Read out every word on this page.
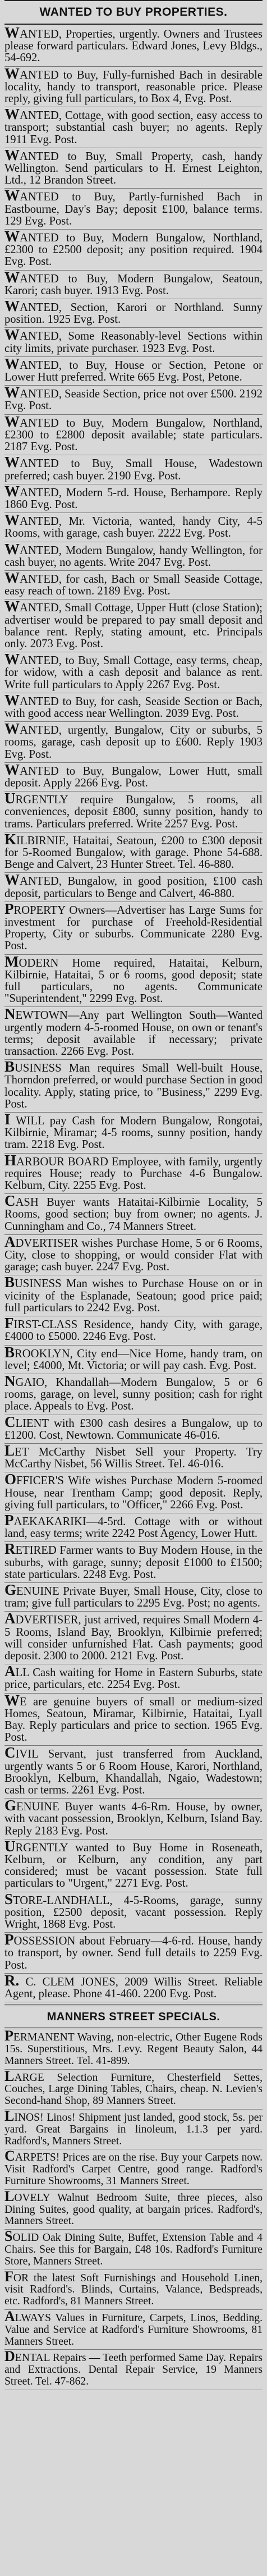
WANTED TO BUY PROPERTIES.
WANTED, Properties, urgently. Owners and Trustees please forward particulars. Edward Jones, Levy Bldgs., 54-692.
WANTED to Buy, Fully-furnished Bach in desirable locality, handy to transport, reasonable price. Please reply, giving full particulars, to Box 4, Evg. Post.
WANTED, Cottage, with good section, easy access to transport; substantial cash buyer; no agents. Reply 1911 Evg. Post.
WANTED to Buy, Small Property, cash, handy Wellington. Send particulars to H. Ernest Leighton, Ltd., 12 Brandon Street.
WANTED to Buy, Partly-furnished Bach in Eastbourne, Day's Bay; deposit £100, balance terms. 129 Evg. Post.
WANTED to Buy, Modern Bungalow, Northland, £2300 to £2500 deposit; any position required. 1904 Evg. Post.
WANTED to Buy, Modern Bungalow, Seatoun, Karori; cash buyer. 1913 Evg. Post.
WANTED, Section, Karori or Northland. Sunny position. 1925 Evg. Post.
WANTED, Some Reasonably-level Sections within city limits, private purchaser. 1923 Evg. Post.
WANTED, to Buy, House or Section, Petone or Lower Hutt preferred. Write 665 Evg. Post, Petone.
WANTED, Seaside Section, price not over £500. 2192 Evg. Post.
WANTED to Buy, Modern Bungalow, Northland, £2300 to £2800 deposit available; state particulars. 2187 Evg. Post.
WANTED to Buy, Small House, Wadestown preferred; cash buyer. 2190 Evg. Post.
WANTED, Modern 5-rd. House, Berhampore. Reply 1860 Evg. Post.
WANTED, Mr. Victoria, wanted, handy City, 4-5 Rooms, with garage, cash buyer. 2222 Evg. Post.
WANTED, Modern Bungalow, handy Wellington, for cash buyer, no agents. Write 2047 Evg. Post.
WANTED, for cash, Bach or Small Seaside Cottage, easy reach of town. 2189 Evg. Post.
WANTED, Small Cottage, Upper Hutt (close Station); advertiser would be prepared to pay small deposit and balance rent. Reply, stating amount, etc. Principals only. 2073 Evg. Post.
WANTED, to Buy, Small Cottage, easy terms, cheap, for widow, with a cash deposit and balance as rent. Write full particulars to Apply 2267 Evg. Post.
WANTED to Buy, for cash, Seaside Section or Bach, with good access near Wellington. 2039 Evg. Post.
WANTED, urgently, Bungalow, City or suburbs, 5 rooms, garage, cash deposit up to £600. Reply 1903 Evg. Post.
WANTED to Buy, Bungalow, Lower Hutt, small deposit. Apply 2266 Evg. Post.
URGENTLY require Bungalow, 5 rooms, all conveniences, deposit £800, sunny position, handy to trams. Particulars preferred. Write 2257 Evg. Post.
KILBIRNIE, Hataitai, Seatoun, £200 to £300 deposit for 5-Roomed Bungalow, with garage. Phone 54-688. Benge and Calvert, 23 Hunter Street. Tel. 46-880.
WANTED, Bungalow, in good position, £100 cash deposit, particulars to Benge and Calvert, 46-880.
PROPERTY Owners—Advertiser has Large Sums for investment for purchase of Freehold-Residential Property, City or suburbs. Communicate 2280 Evg. Post.
MODERN Home required, Hataitai, Kelburn, Kilbirnie, Hataitai, 5 or 6 rooms, good deposit; state full particulars, no agents. Communicate "Superintendent," 2299 Evg. Post.
NEWTOWN—Any part Wellington South—Wanted urgently modern 4-5-roomed House, on own or tenant's terms; deposit available if necessary; private transaction. 2266 Evg. Post.
BUSINESS Man requires Small Well-built House, Thorndon preferred, or would purchase Section in good locality. Apply, stating price, to "Business," 2299 Evg. Post.
I WILL pay Cash for Modern Bungalow, Rongotai, Kilbirnie, Miramar; 4-5 rooms, sunny position, handy tram. 2218 Evg. Post.
HARBOUR BOARD Employee, with family, urgently requires House; ready to Purchase 4-6 Bungalow. Kelburn, City. 2255 Evg. Post.
CASH Buyer wants Hataitai-Kilbirnie Locality, 5 Rooms, good section; buy from owner; no agents. J. Cunningham and Co., 74 Manners Street.
ADVERTISER wishes Purchase Home, 5 or 6 Rooms, City, close to shopping, or would consider Flat with garage; cash buyer. 2247 Evg. Post.
BUSINESS Man wishes to Purchase House on or in vicinity of the Esplanade, Seatoun; good price paid; full particulars to 2242 Evg. Post.
FIRST-CLASS Residence, handy City, with garage, £4000 to £5000. 2246 Evg. Post.
BROOKLYN, City end—Nice Home, handy tram, on level; £4000, Mt. Victoria; or will pay cash. Evg. Post.
NGAIO, Khandallah—Modern Bungalow, 5 or 6 rooms, garage, on level, sunny position; cash for right place. Appeals to Evg. Post.
CLIENT with £300 cash desires a Bungalow, up to £1200. Cost, Newtown. Communicate 46-016.
LET McCarthy Nisbet Sell your Property. Try McCarthy Nisbet, 56 Willis Street. Tel. 46-016.
OFFICER'S Wife wishes Purchase Modern 5-roomed House, near Trentham Camp; good deposit. Reply, giving full particulars, to "Officer," 2266 Evg. Post.
PAEKAKARIKI—4-5rd. Cottage with or without land, easy terms; write 2242 Post Agency, Lower Hutt.
RETIRED Farmer wants to Buy Modern House, in the suburbs, with garage, sunny; deposit £1000 to £1500; state particulars. 2248 Evg. Post.
GENUINE Private Buyer, Small House, City, close to tram; give full particulars to 2295 Evg. Post; no agents.
ADVERTISER, just arrived, requires Small Modern 4-5 Rooms, Island Bay, Brooklyn, Kilbirnie preferred; will consider unfurnished Flat. Cash payments; good deposit. 2300 to 2000. 2121 Evg. Post.
ALL Cash waiting for Home in Eastern Suburbs, state price, particulars, etc. 2254 Evg. Post.
WE are genuine buyers of small or medium-sized Homes, Seatoun, Miramar, Kilbirnie, Hataitai, Lyall Bay. Reply particulars and price to section. 1965 Evg. Post.
CIVIL Servant, just transferred from Auckland, urgently wants 5 or 6 Room House, Karori, Northland, Brooklyn, Kelburn, Khandallah, Ngaio, Wadestown; cash or terms. 2261 Evg. Post.
GENUINE Buyer wants 4-6-Rm. House, by owner, with vacant possession, Brooklyn, Kelburn, Island Bay. Reply 2183 Evg. Post.
URGENTLY wanted to Buy Home in Roseneath, Kelburn, or Kelburn, any condition, any part considered; must be vacant possession. State full particulars to "Urgent," 2271 Evg. Post.
STORE-LANDHALL, 4-5-Rooms, garage, sunny position, £2500 deposit, vacant possession. Reply Wright, 1868 Evg. Post.
POSSESSION about February—4-6-rd. House, handy to transport, by owner. Send full details to 2259 Evg. Post.
R. C. CLEM JONES, 2009 Willis Street. Reliable Agent, please. Phone 41-460. 2200 Evg. Post.
MANNERS STREET SPECIALS.
PERMANENT Waving, non-electric, Other Eugene Rods 15s. Superstitious, Mrs. Levy. Regent Beauty Salon, 44 Manners Street. Tel. 41-899.
LARGE Selection Furniture, Chesterfield Settes, Couches, Large Dining Tables, Chairs, cheap. N. Levien's Second-hand Shop, 89 Manners Street.
LINOS! Linos! Shipment just landed, good stock, 5s. per yard. Great Bargains in linoleum, 1.1.3 per yard. Radford's, Manners Street.
CARPETS! Prices are on the rise. Buy your Carpets now. Visit Radford's Carpet Centre, good range. Radford's Furniture Showrooms, 31 Manners Street.
LOVELY Walnut Bedroom Suite, three pieces, also Dining Suites, good quality, at bargain prices. Radford's, Manners Street.
SOLID Oak Dining Suite, Buffet, Extension Table and 4 Chairs. See this for Bargain, £48 10s. Radford's Furniture Store, Manners Street.
FOR the latest Soft Furnishings and Household Linen, visit Radford's. Blinds, Curtains, Valance, Bedspreads, etc. Radford's, 81 Manners Street.
ALWAYS Values in Furniture, Carpets, Linos, Bedding. Value and Service at Radford's Furniture Showrooms, 81 Manners Street.
DENTAL Repairs — Teeth performed Same Day. Repairs and Extractions. Dental Repair Service, 19 Manners Street. Tel. 47-862.
